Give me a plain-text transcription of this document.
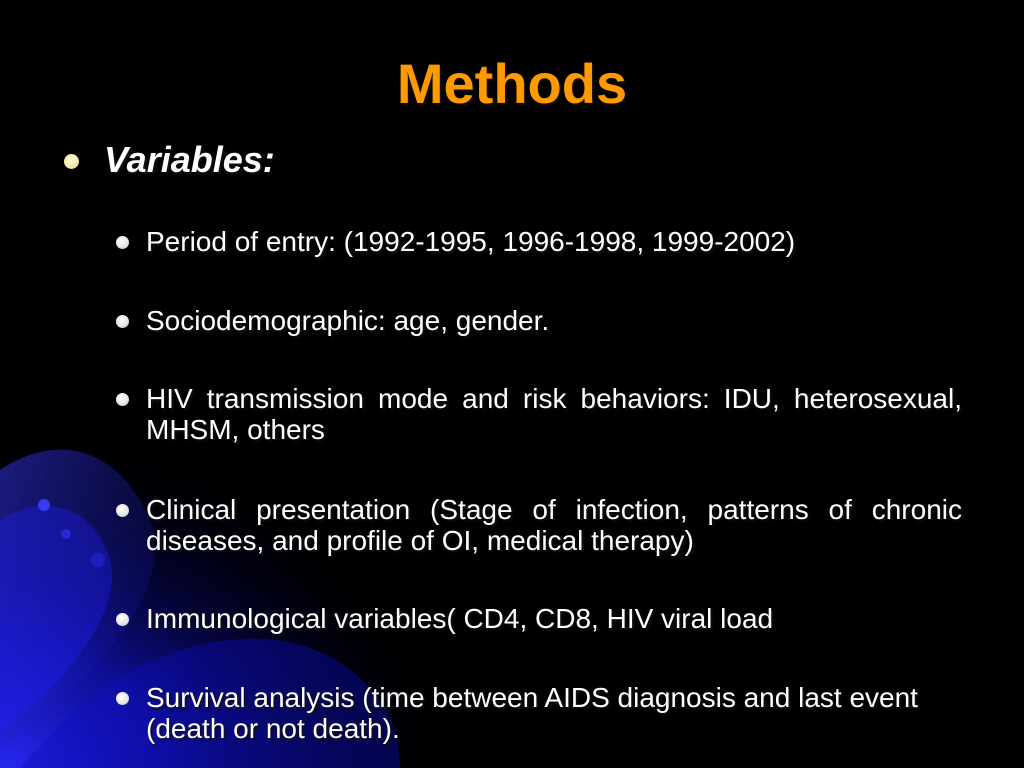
Methods
Variables:
Period of entry: (1992-1995, 1996-1998, 1999-2002)
Sociodemographic: age, gender.
HIV transmission mode and risk behaviors: IDU, heterosexual, MHSM, others
Clinical presentation (Stage of infection, patterns of chronic diseases, and profile of OI, medical therapy)
Immunological variables( CD4, CD8, HIV viral load
Survival analysis (time between AIDS diagnosis and last event (death or not death).
